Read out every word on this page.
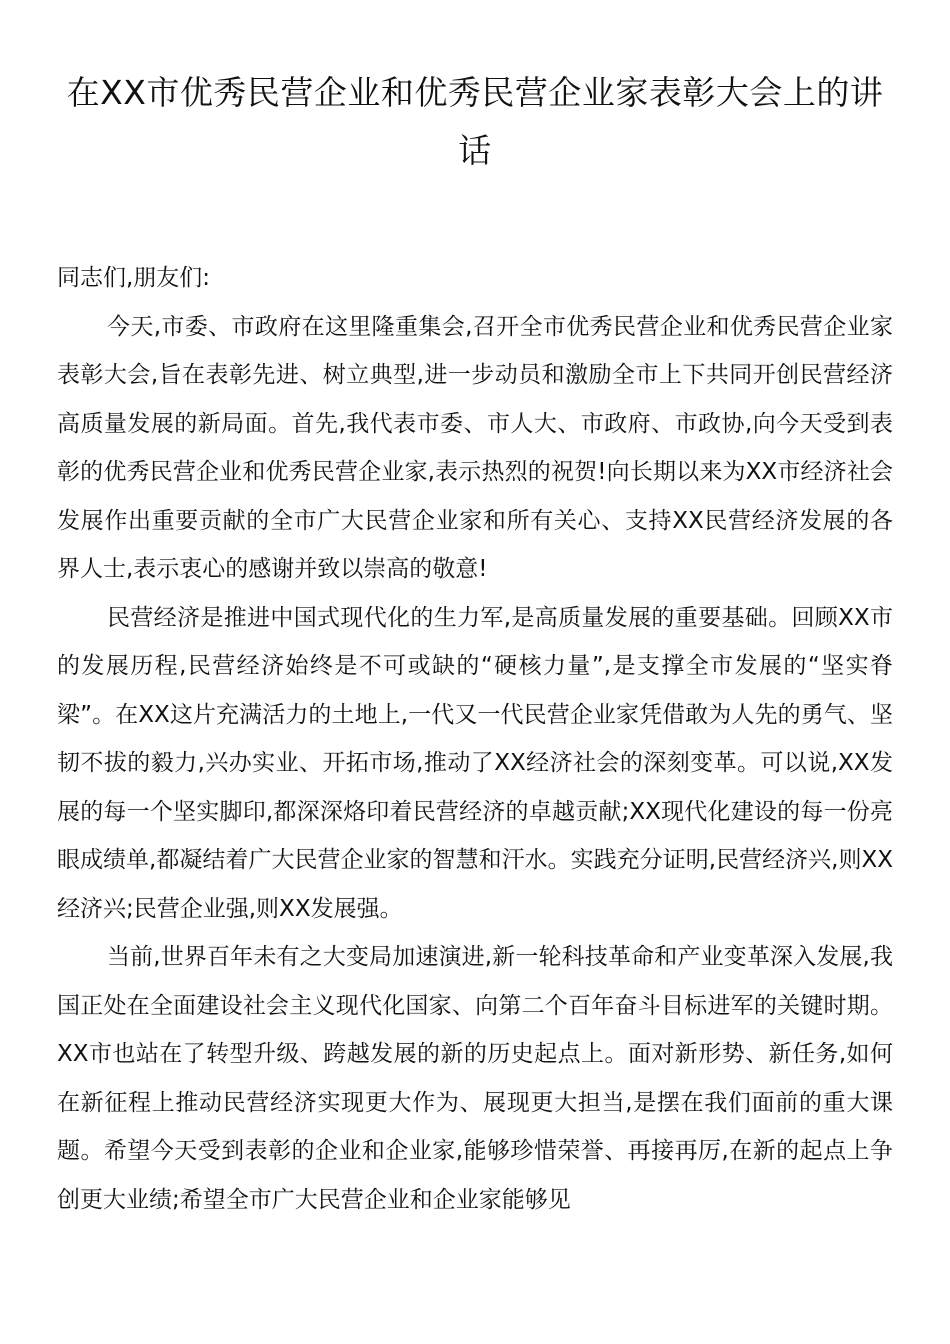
在XX市优秀民营企业和优秀民营企业家表彰大会上的讲话

同志们,朋友们:

今天,市委、市政府在这里隆重集会,召开全市优秀民营企业和优秀民营企业家表彰大会,旨在表彰先进、树立典型,进一步动员和激励全市上下共同开创民营经济高质量发展的新局面。首先,我代表市委、市人大、市政府、市政协,向今天受到表彰的优秀民营企业和优秀民营企业家,表示热烈的祝贺!向长期以来为XX市经济社会发展作出重要贡献的全市广大民营企业家和所有关心、支持XX民营经济发展的各界人士,表示衷心的感谢并致以崇高的敬意!

民营经济是推进中国式现代化的生力军,是高质量发展的重要基础。回顾XX市的发展历程,民营经济始终是不可或缺的“硬核力量”,是支撑全市发展的“坚实脊梁”。在XX这片充满活力的土地上,一代又一代民营企业家凭借敢为人先的勇气、坚韧不拔的毅力,兴办实业、开拓市场,推动了XX经济社会的深刻变革。可以说,XX发展的每一个坚实脚印,都深深烙印着民营经济的卓越贡献;XX现代化建设的每一份亮眼成绩单,都凝结着广大民营企业家的智慧和汗水。实践充分证明,民营经济兴,则XX经济兴;民营企业强,则XX发展强。

当前,世界百年未有之大变局加速演进,新一轮科技革命和产业变革深入发展,我国正处在全面建设社会主义现代化国家、向第二个百年奋斗目标进军的关键时期。XX市也站在了转型升级、跨越发展的新的历史起点上。面对新形势、新任务,如何在新征程上推动民营经济实现更大作为、展现更大担当,是摆在我们面前的重大课题。希望今天受到表彰的企业和企业家,能够珍惜荣誉、再接再厉,在新的起点上争创更大业绩;希望全市广大民营企业和企业家能够见
